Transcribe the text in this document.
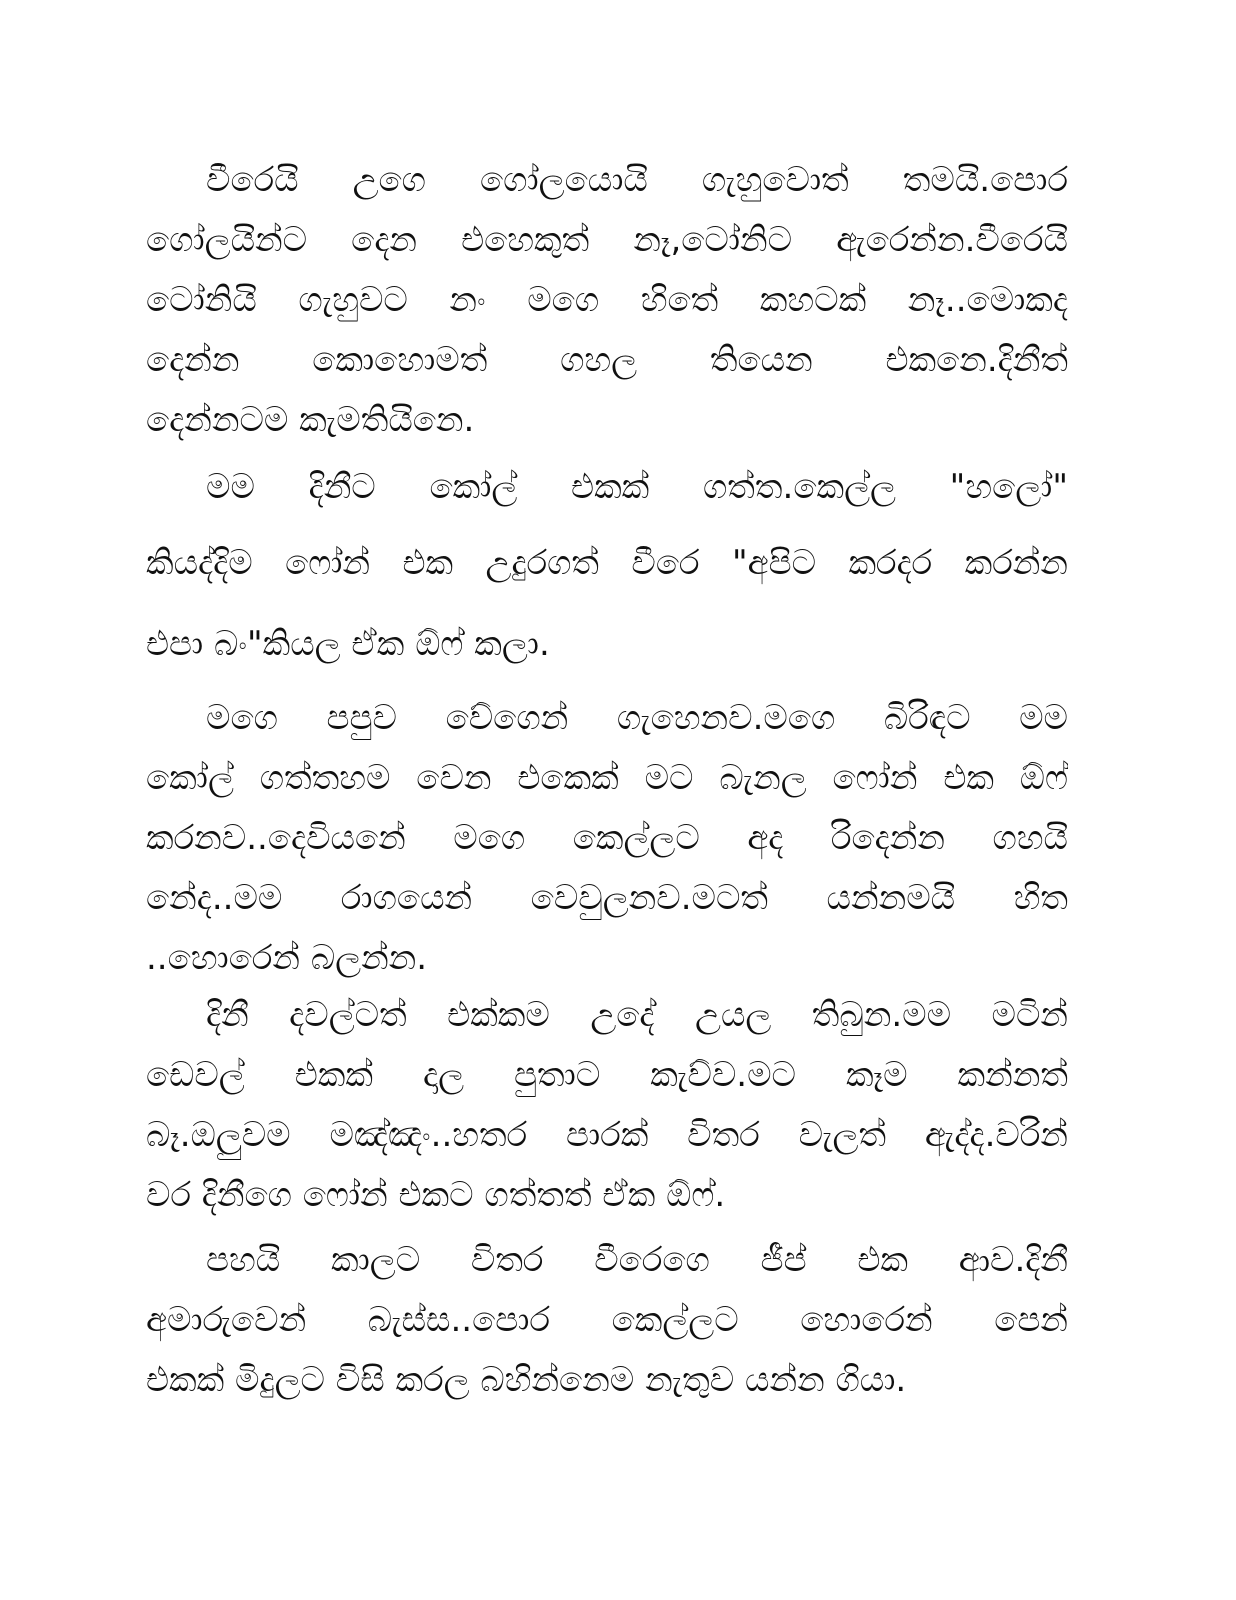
වීරෙයි උගෙ ගෝලයොයි ගැහුවොත් තමයි.පොර
ගෝලයින්ට දෙන එහෙකුත් නෑ,ටෝනිට ඇරෙන්න.වීරෙයි
ටෝනියි ගැහුවට නං මගෙ හිතේ කහටක් නෑ..මොකද
දෙන්න කොහොමත් ගහල තියෙන එකනෙ.දිනීත්
දෙන්නටම කැමතියිනෙ.
මම දිනීට කෝල් එකක් ගත්ත.කෙල්ල "හලෝ"
කියද්දිම ෆෝන් එක උදුරගත් වීරෙ "අපිට කරදර කරන්න
එපා බං"කියල ඒක ඕෆ් කලා.
මගෙ පපුව වේගෙන් ගැහෙනව.මගෙ බිරිඳට මම
කෝල් ගත්තහම වෙන එකෙක් මට බැනල ෆෝන් එක ඕෆ්
කරනව..දෙවියනේ මගෙ කෙල්ලට අද රිදෙන්න ගහයි
නේද..මම රාගයෙන් වෙවුලනව.මටත් යන්නමයි හිත
..හොරෙන් බලන්න.
දිනී දවල්ටත් එක්කම උදේ උයල තිබුන.මම මටින්
ඩෙවල් එකක් දාල පුතාට කැව්ව.මට කෑම කන්නත්
බෑ.ඔලුවම මඤ්ඤං..හතර පාරක් විතර වැලත් ඇද්ද.වරින්
වර දිනීගෙ ෆෝන් එකට ගත්තත් ඒක ඕෆ්.
පහයි කාලට විතර වීරෙගෙ ජීප් එක ආව.දිනී
අමාරුවෙන් බැස්ස..පොර කෙල්ලට හොරෙන් පෙන්
එකක් මිදුලට විසි කරල බහින්නෙම නැතුව යන්න ගියා.
